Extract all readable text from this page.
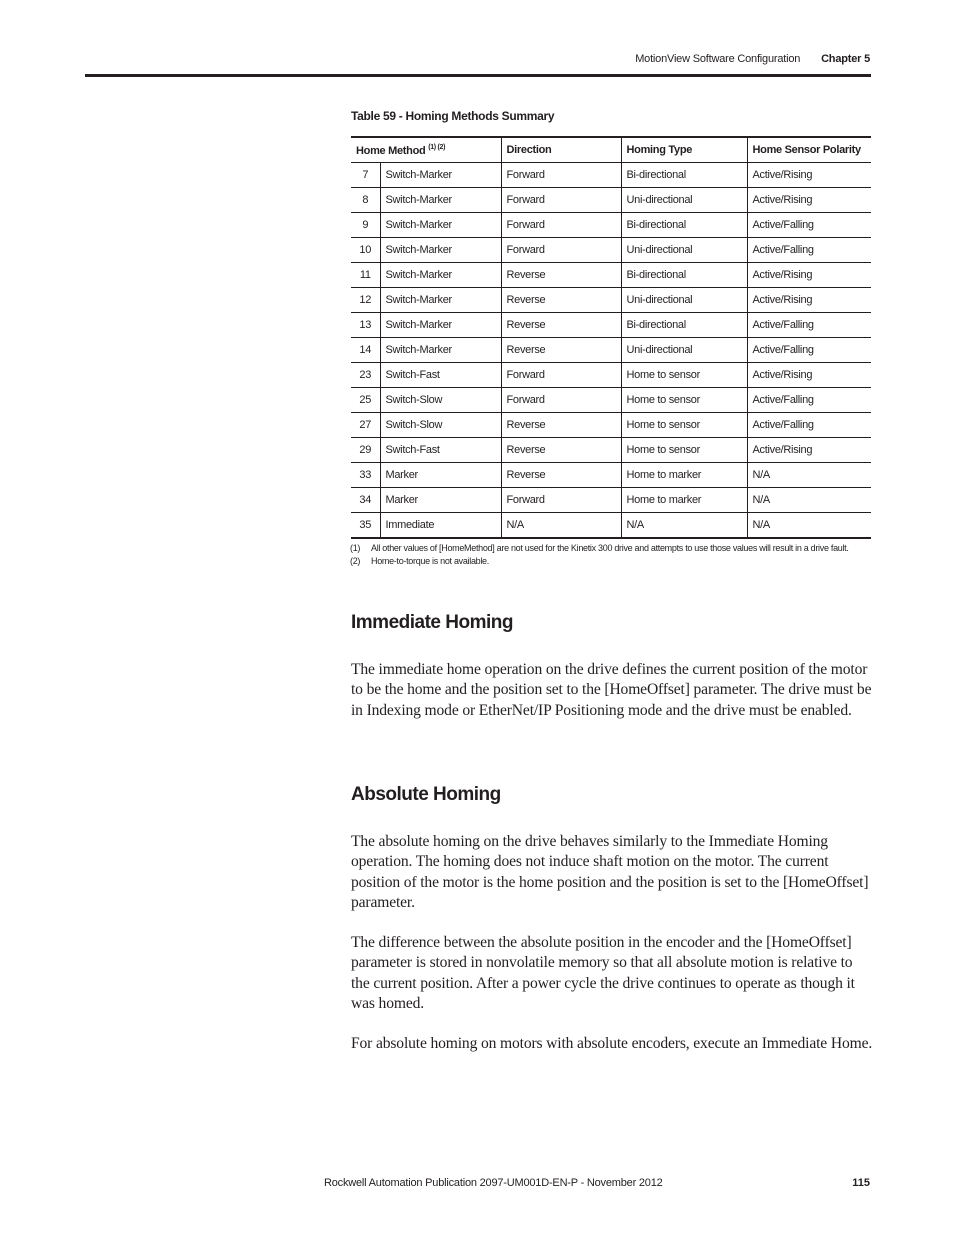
MotionView Software Configuration Chapter 5
Table 59 - Homing Methods Summary
Home Method $^{(1) (2)}$		Direction	Homing Type	Home Sensor Polarity
7	Switch-Marker	Forward	Bi-directional	Active/Rising
8	Switch-Marker	Forward	Uni-directional	Active/Rising
9	Switch-Marker	Forward	Bi-directional	Active/Falling
10	Switch-Marker	Forward	Uni-directional	Active/Falling
11	Switch-Marker	Reverse	Bi-directional	Active/Rising
12	Switch-Marker	Reverse	Uni-directional	Active/Rising
13	Switch-Marker	Reverse	Bi-directional	Active/Falling
14	Switch-Marker	Reverse	Uni-directional	Active/Falling
23	Switch-Fast	Forward	Home to sensor	Active/Rising
25	Switch-Slow	Forward	Home to sensor	Active/Falling
27	Switch-Slow	Reverse	Home to sensor	Active/Falling
29	Switch-Fast	Reverse	Home to sensor	Active/Rising
33	Marker	Reverse	Home to marker	N/A
34	Marker	Forward	Home to marker	N/A
35	Immediate	N/A	N/A	N/A
(1) All other values of [HomeMethod] are not used for the Kinetix 300 drive and attempts to use those values will result in a drive fault.
(2) Home-to-torque is not available.
Immediate Homing

The immediate home operation on the drive defines the current position of the motor to be the home and the position set to the [HomeOffset] parameter. The drive must be in Indexing mode or EtherNet/IP Positioning mode and the drive must be enabled.

Absolute Homing

The absolute homing on the drive behaves similarly to the Immediate Homing operation. The homing does not induce shaft motion on the motor. The current position of the motor is the home position and the position is set to the [HomeOffset] parameter.

The difference between the absolute position in the encoder and the [HomeOffset] parameter is stored in nonvolatile memory so that all absolute motion is relative to the current position. After a power cycle the drive continues to operate as though it was homed.

For absolute homing on motors with absolute encoders, execute an Immediate Home.

Rockwell Automation Publication 2097-UM001D-EN-P - November 2012	115
